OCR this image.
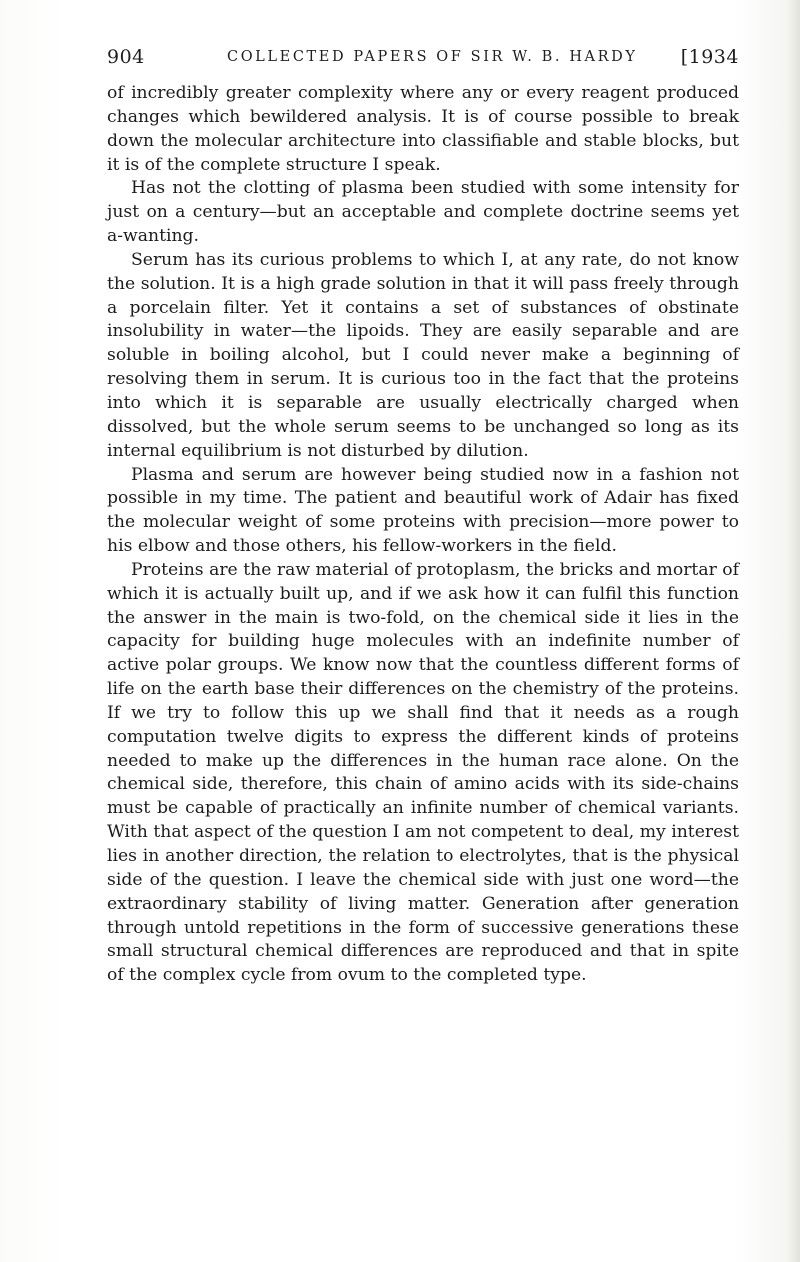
904	COLLECTED PAPERS OF SIR W. B. HARDY [1934

of incredibly greater complexity where any or every reagent produced changes which bewildered analysis. It is of course possible to break down the molecular architecture into classifiable and stable blocks, but it is of the complete structure I speak.

Has not the clotting of plasma been studied with some intensity for just on a century—but an acceptable and complete doctrine seems yet a-wanting.

Serum has its curious problems to which I, at any rate, do not know the solution. It is a high grade solution in that it will pass freely through a porcelain filter. Yet it contains a set of substances of obstinate insolubility in water—the lipoids. They are easily separable and are soluble in boiling alcohol, but I could never make a beginning of resolving them in serum. It is curious too in the fact that the proteins into which it is separable are usually electrically charged when dissolved, but the whole serum seems to be unchanged so long as its internal equilibrium is not disturbed by dilution.

Plasma and serum are however being studied now in a fashion not possible in my time. The patient and beautiful work of Adair has fixed the molecular weight of some proteins with precision—more power to his elbow and those others, his fellow-workers in the field.

Proteins are the raw material of protoplasm, the bricks and mortar of which it is actually built up, and if we ask how it can fulfil this function the answer in the main is two-fold, on the chemical side it lies in the capacity for building huge molecules with an indefinite number of active polar groups. We know now that the countless different forms of life on the earth base their differences on the chemistry of the proteins. If we try to follow this up we shall find that it needs as a rough computation twelve digits to express the different kinds of proteins needed to make up the differences in the human race alone. On the chemical side, therefore, this chain of amino acids with its side-chains must be capable of practically an infinite number of chemical variants. With that aspect of the question I am not competent to deal, my interest lies in another direction, the relation to electrolytes, that is the physical side of the question. I leave the chemical side with just one word—the extraordinary stability of living matter. Generation after generation through untold repetitions in the form of successive generations these small structural chemical differences are reproduced and that in spite of the complex cycle from ovum to the completed type.
